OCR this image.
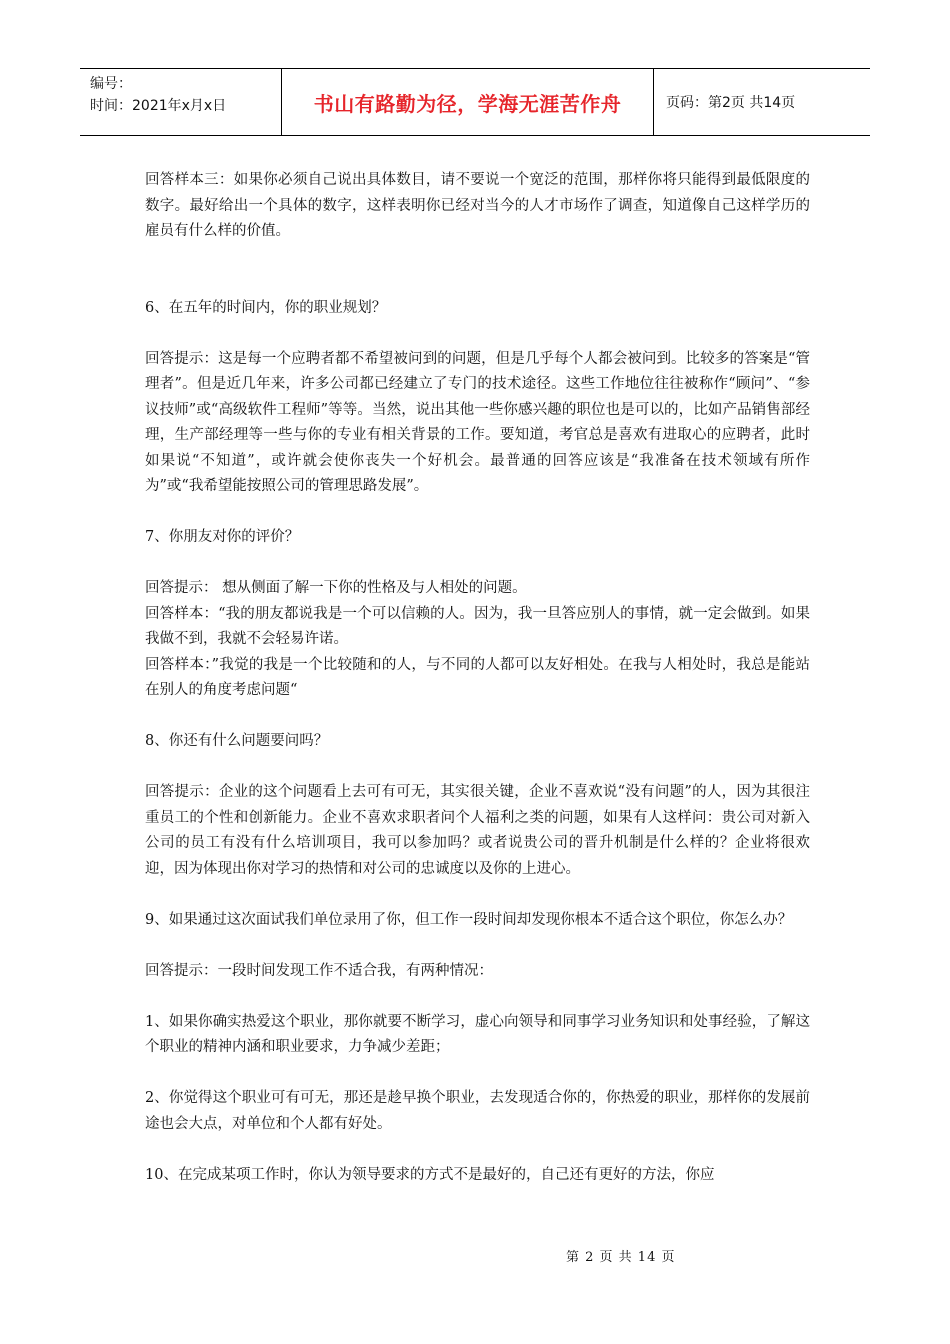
编号：
时间：2021年x月x日	书山有路勤为径，学海无涯苦作舟	页码：第2页 共14页

回答样本三：如果你必须自己说出具体数目，请不要说一个宽泛的范围，那样你将只能得到最低限度的数字。最好给出一个具体的数字，这样表明你已经对当今的人才市场作了调查，知道像自己这样学历的雇员有什么样的价值。

6、在五年的时间内，你的职业规划？

回答提示：这是每一个应聘者都不希望被问到的问题，但是几乎每个人都会被问到。比较多的答案是“管理者”。但是近几年来，许多公司都已经建立了专门的技术途径。这些工作地位往往被称作“顾问”、“参议技师”或“高级软件工程师”等等。当然，说出其他一些你感兴趣的职位也是可以的，比如产品销售部经理，生产部经理等一些与你的专业有相关背景的工作。要知道，考官总是喜欢有进取心的应聘者，此时如果说“不知道”，或许就会使你丧失一个好机会。最普通的回答应该是“我准备在技术领域有所作为”或“我希望能按照公司的管理思路发展”。

7、你朋友对你的评价？

回答提示： 想从侧面了解一下你的性格及与人相处的问题。

回答样本：“我的朋友都说我是一个可以信赖的人。因为，我一旦答应别人的事情，就一定会做到。如果我做不到，我就不会轻易许诺。

回答样本：”我觉的我是一个比较随和的人，与不同的人都可以友好相处。在我与人相处时，我总是能站在别人的角度考虑问题“

8、你还有什么问题要问吗？

回答提示：企业的这个问题看上去可有可无，其实很关键，企业不喜欢说“没有问题”的人，因为其很注重员工的个性和创新能力。企业不喜欢求职者问个人福利之类的问题，如果有人这样问：贵公司对新入公司的员工有没有什么培训项目，我可以参加吗？或者说贵公司的晋升机制是什么样的？企业将很欢迎，因为体现出你对学习的热情和对公司的忠诚度以及你的上进心。

9、如果通过这次面试我们单位录用了你，但工作一段时间却发现你根本不适合这个职位，你怎么办？

回答提示：一段时间发现工作不适合我，有两种情况：

1、如果你确实热爱这个职业，那你就要不断学习，虚心向领导和同事学习业务知识和处事经验，了解这个职业的精神内涵和职业要求，力争减少差距；

2、你觉得这个职业可有可无，那还是趁早换个职业，去发现适合你的，你热爱的职业，那样你的发展前途也会大点，对单位和个人都有好处。

10、在完成某项工作时，你认为领导要求的方式不是最好的，自己还有更好的方法，你应

第 2 页 共 14 页
